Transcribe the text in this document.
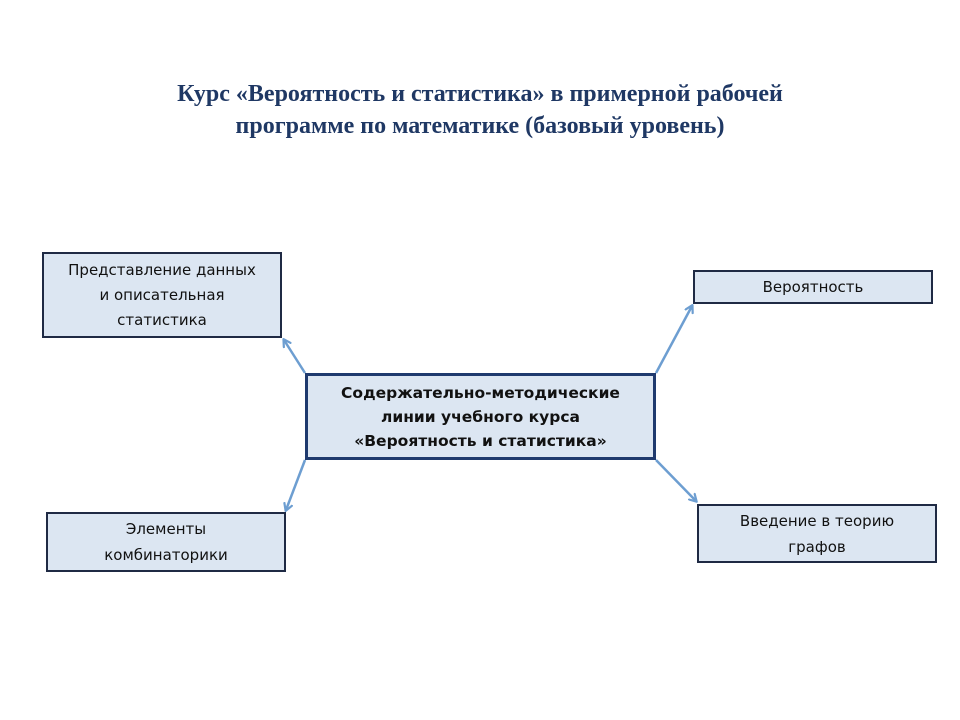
Курс «Вероятность и статистика» в примерной рабочей
программе по математике (базовый уровень)
Представление данных
и описательная
статистика
Элементы
комбинаторики
Содержательно-методические
линии учебного курса
«Вероятность и статистика»
Вероятность
Введение в теорию
графов
